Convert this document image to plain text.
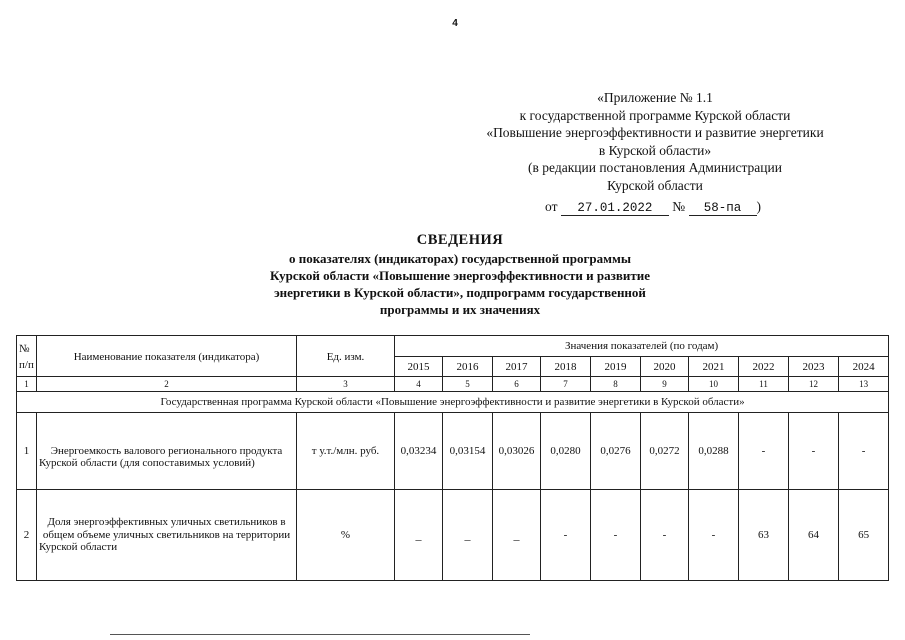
4
«Приложение № 1.1
к государственной программе Курской области
«Повышение энергоэффективности и развитие энергетики
в Курской области»
(в редакции постановления Администрации
Курской области
от 27.01.2022 № 58-па )
СВЕДЕНИЯ
о показателях (индикаторах) государственной программы
Курской области «Повышение энергоэффективности и развитие
энергетики в Курской области», подпрограмм государственной
программы и их значениях
№ п/п	Наименование показателя (индикатора)	Ед. изм.	Значения показателей (по годам)									
			2015	2016	2017	2018	2019	2020	2021	2022	2023	2024
1	2	3	4	5	6	7	8	9	10	11	12	13
Государственная программа Курской области «Повышение энергоэффективности и развитие энергетики в Курской области»												
1	Энергоемкость валового регионального продукта Курской области (для сопоставимых условий)	т у.т./млн. руб.	0,03234	0,03154	0,03026	0,0280	0,0276	0,0272	0,0288	-	-	-
2	Доля энергоэффективных уличных светильников в общем объеме уличных светильников на территории Курской области	%	_	_	_	-	-	-	-	63	64	65
